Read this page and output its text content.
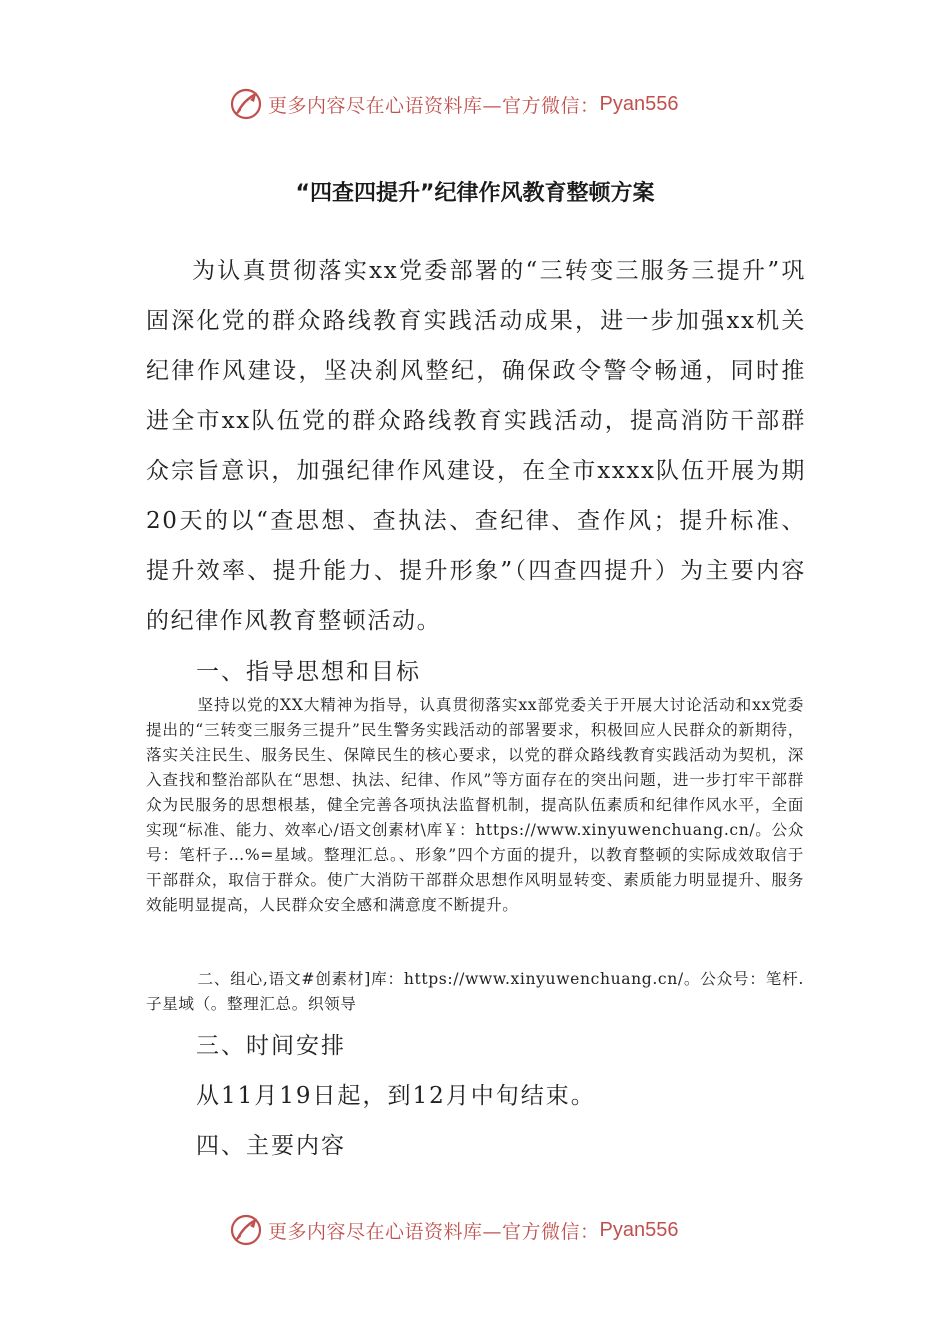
更多内容尽在心语资料库—官方微信： Pyan556
“四查四提升”纪律作风教育整顿方案

为认真贯彻落实xx党委部署的“三转变三服务三提升”巩固深化党的群众路线教育实践活动成果，进一步加强xx机关纪律作风建设，坚决刹风整纪，确保政令警令畅通，同时推进全市xx队伍党的群众路线教育实践活动，提高消防干部群众宗旨意识，加强纪律作风建设，在全市xxxx队伍开展为期20天的以“查思想、查执法、查纪律、查作风；提升标准、提升效率、提升能力、提升形象”（四查四提升）为主要内容的纪律作风教育整顿活动。

一、指导思想和目标

坚持以党的XX大精神为指导，认真贯彻落实xx部党委关于开展大讨论活动和xx党委提出的“三转变三服务三提升”民生警务实践活动的部署要求，积极回应人民群众的新期待，落实关注民生、服务民生、保障民生的核心要求，以党的群众路线教育实践活动为契机，深入查找和整治部队在“思想、执法、纪律、作风”等方面存在的突出问题，进一步打牢干部群众为民服务的思想根基，健全完善各项执法监督机制，提高队伍素质和纪律作风水平，全面实现“标准、能力、效率心/语文创素材\库￥：https://www.xinyuwenchuang.cn/。公众号：笔杆子…%=星域。整理汇总。、形象”四个方面的提升，以教育整顿的实际成效取信于干部群众，取信于群众。使广大消防干部群众思想作风明显转变、素质能力明显提升、服务效能明显提高，人民群众安全感和满意度不断提升。

二、组心,语文#创素材]库：https://www.xinyuwenchuang.cn/。公众号：笔杆.子星域（。整理汇总。织领导

三、时间安排
从11月19日起，到12月中旬结束。
四、主要内容
更多内容尽在心语资料库—官方微信： Pyan556
